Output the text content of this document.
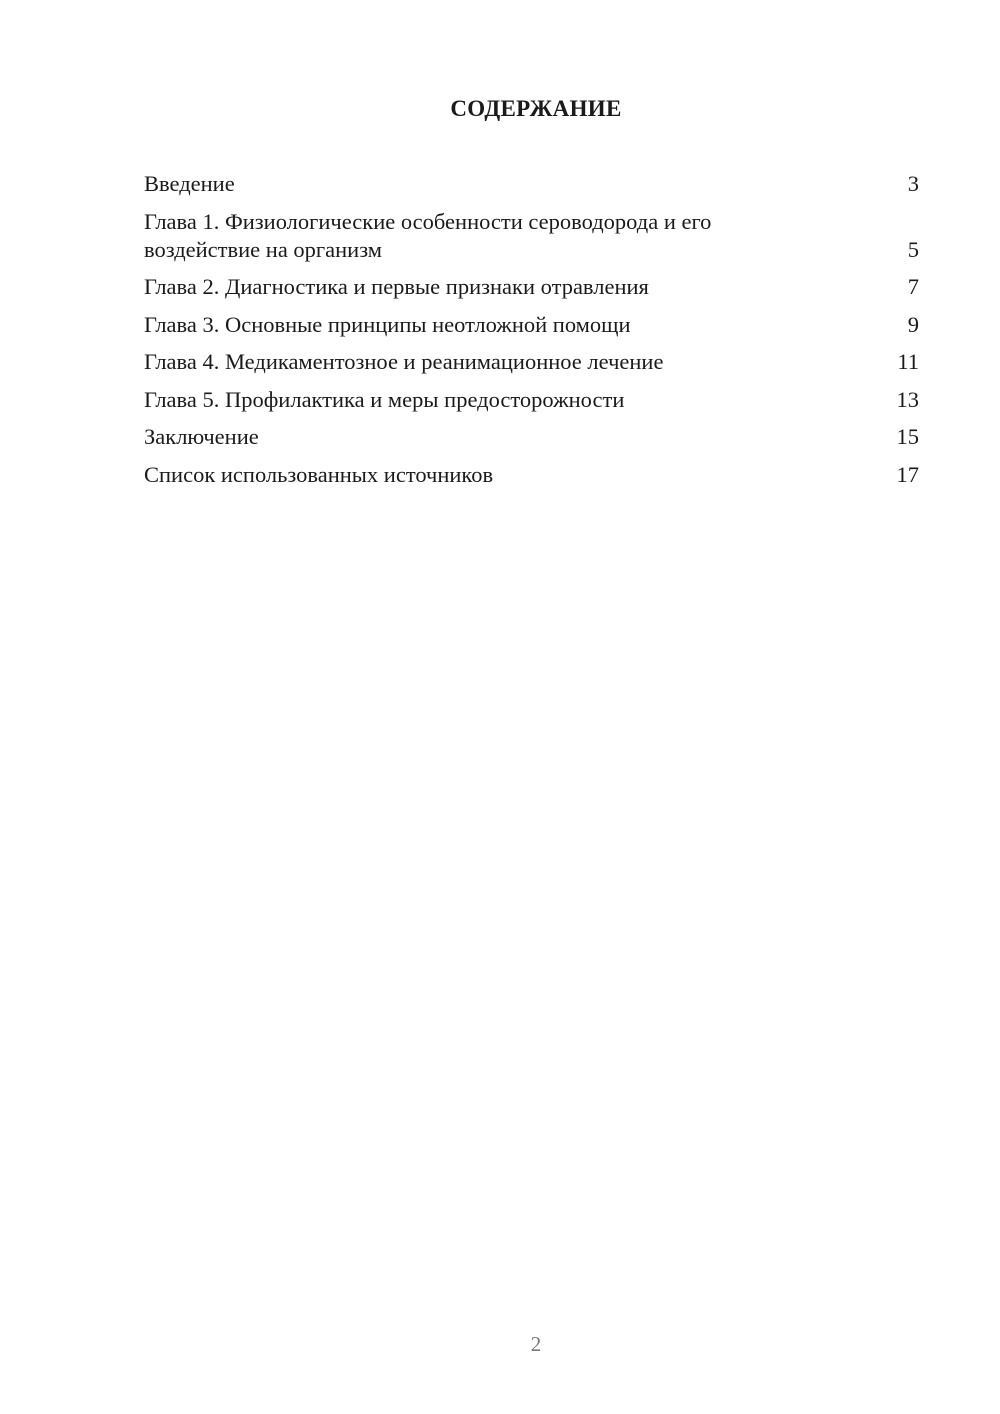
СОДЕРЖАНИЕ
Введение	3
Глава 1. Физиологические особенности сероводорода и его воздействие на организм	5
Глава 2. Диагностика и первые признаки отравления	7
Глава 3. Основные принципы неотложной помощи	9
Глава 4. Медикаментозное и реанимационное лечение	11
Глава 5. Профилактика и меры предосторожности	13
Заключение	15
Список использованных источников	17
2
